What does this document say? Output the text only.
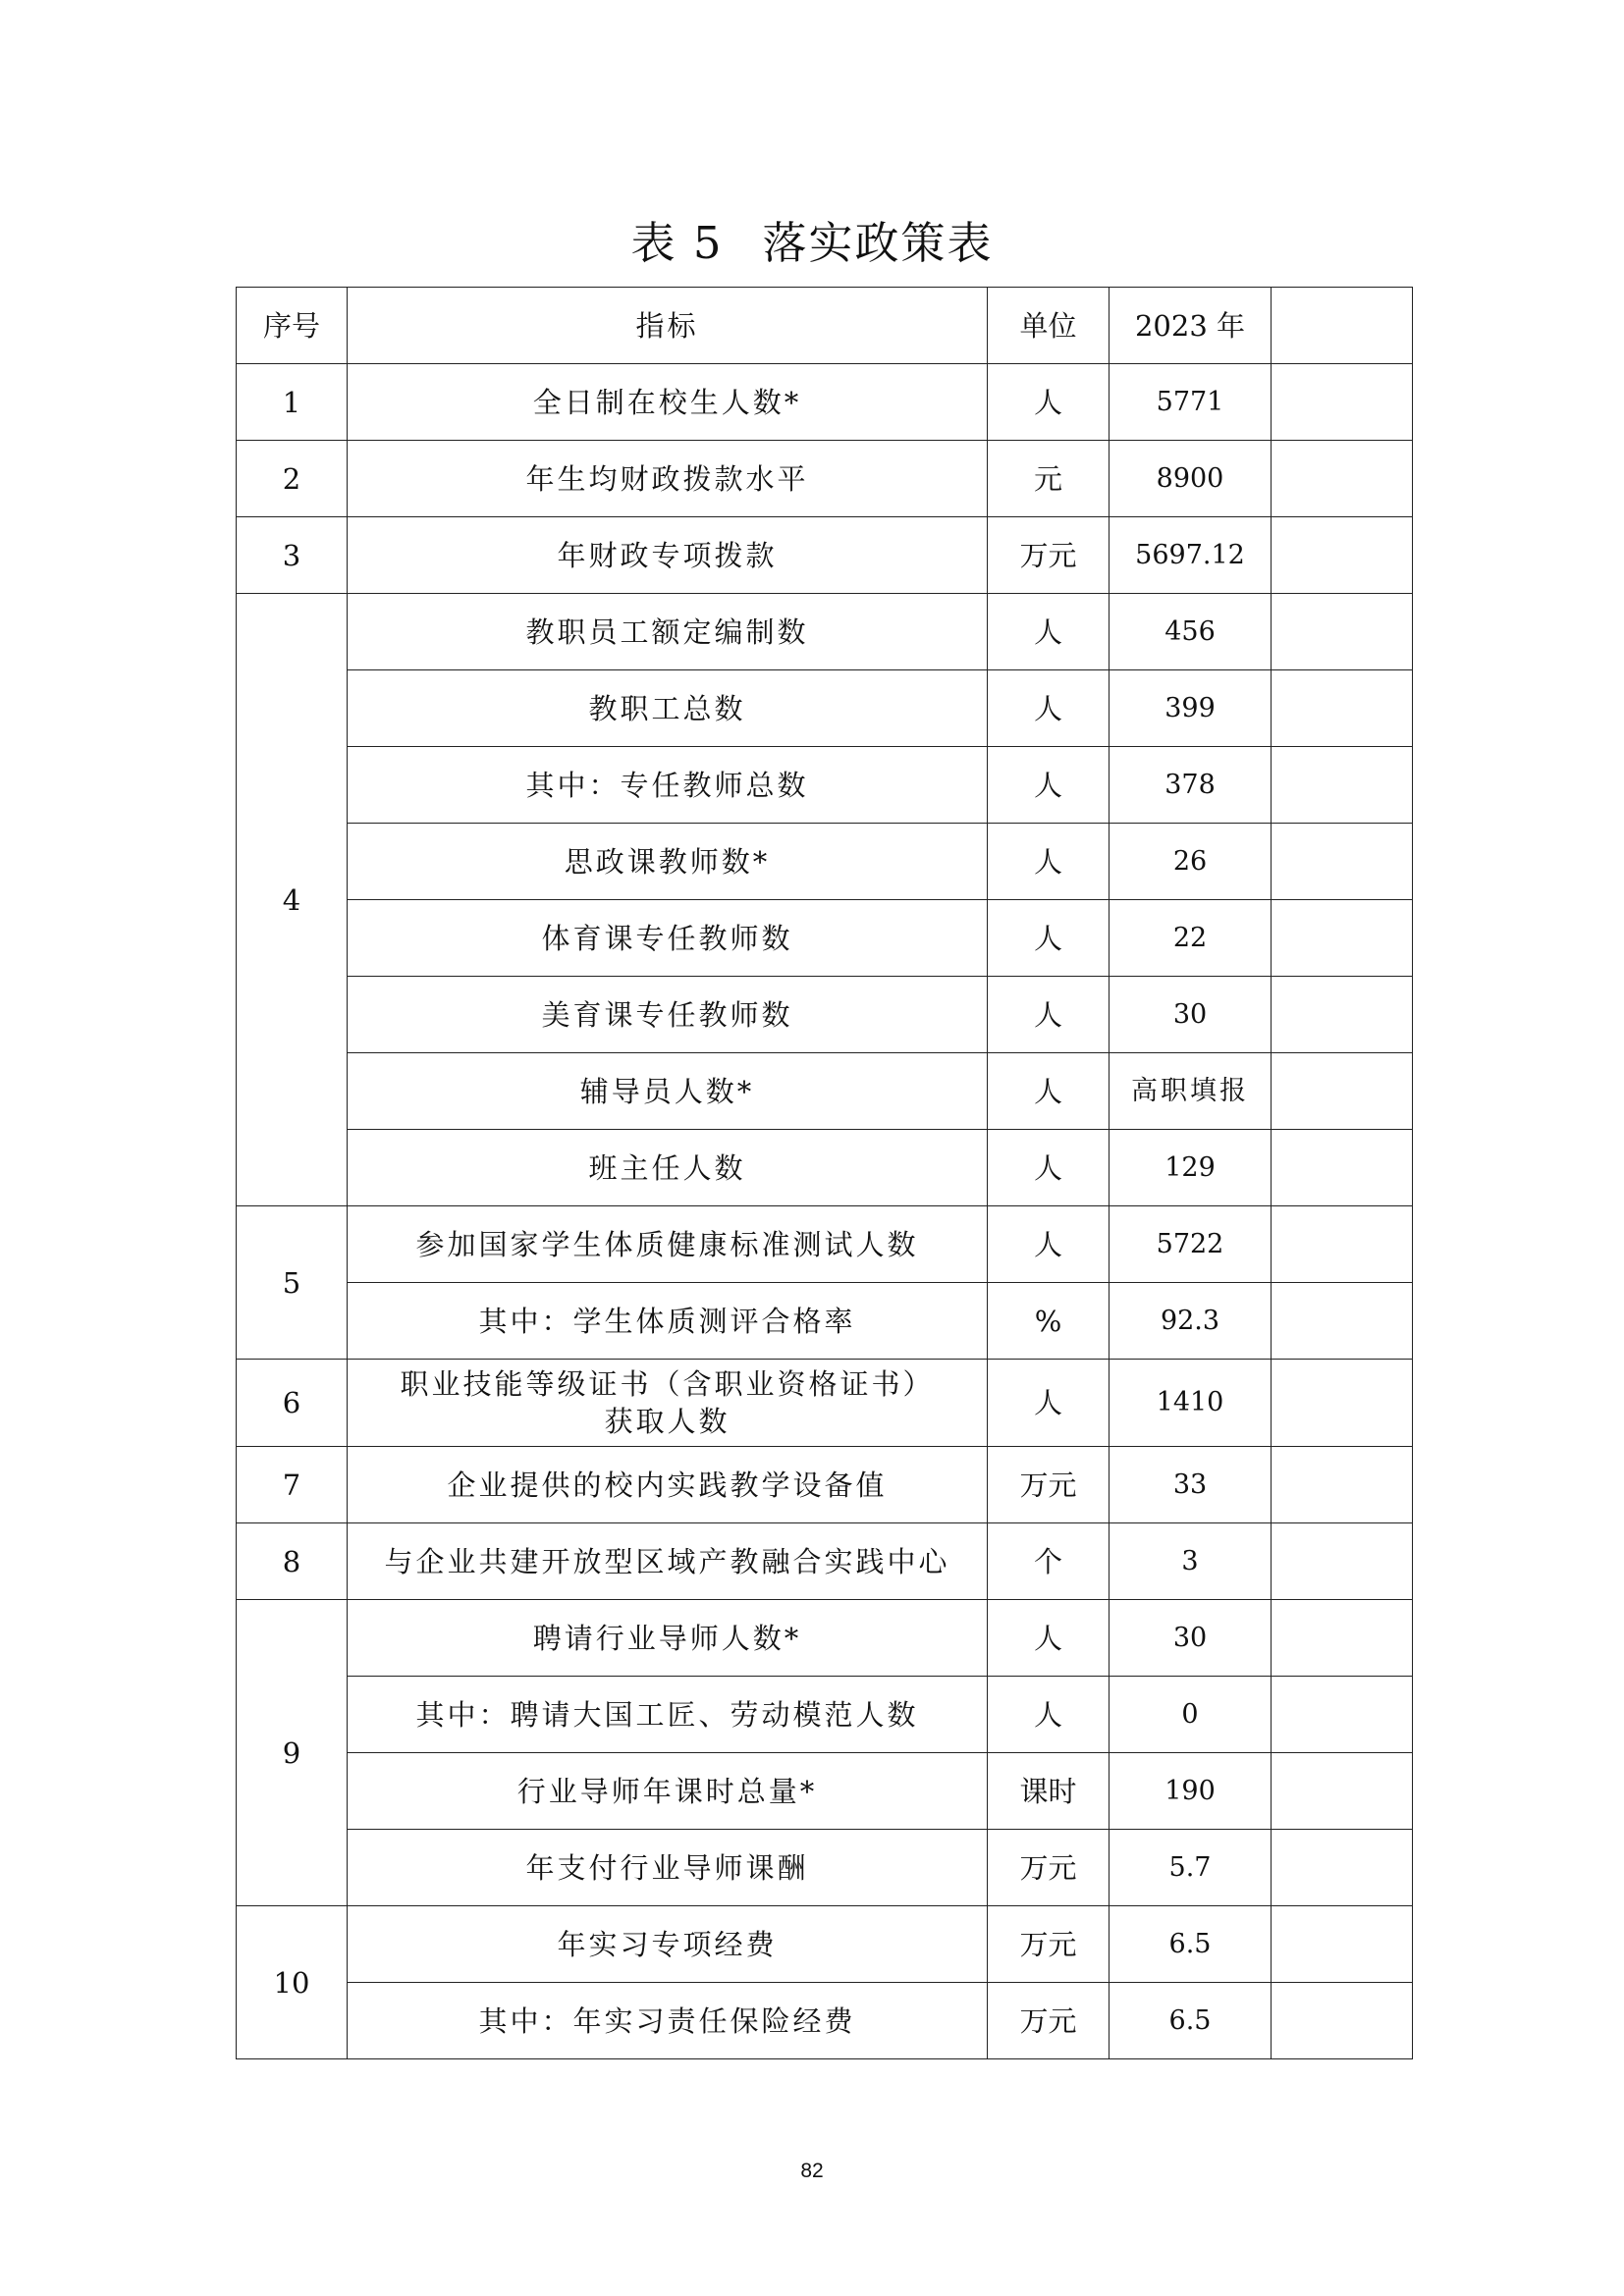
表 5 落实政策表
序号	指标	单位	2023 年	
1	全日制在校生人数*	人	5771	
2	年生均财政拨款水平	元	8900	
3	年财政专项拨款	万元	5697.12	
4	教职员工额定编制数	人	456	
	教职工总数	人	399	
	其中：专任教师总数	人	378	
	思政课教师数*	人	26	
	体育课专任教师数	人	22	
	美育课专任教师数	人	30	
	辅导员人数*	人	高职填报	
	班主任人数	人	129	
5	参加国家学生体质健康标准测试人数	人	5722	
	其中：学生体质测评合格率	%	92.3	
6	职业技能等级证书（含职业资格证书）
获取人数	人	1410	
7	企业提供的校内实践教学设备值	万元	33	
8	与企业共建开放型区域产教融合实践中心	个	3	
9	聘请行业导师人数*	人	30	
	其中：聘请大国工匠、劳动模范人数	人	0	
	行业导师年课时总量*	课时	190	
	年支付行业导师课酬	万元	5.7	
10	年实习专项经费	万元	6.5	
	其中：年实习责任保险经费	万元	6.5	
82
